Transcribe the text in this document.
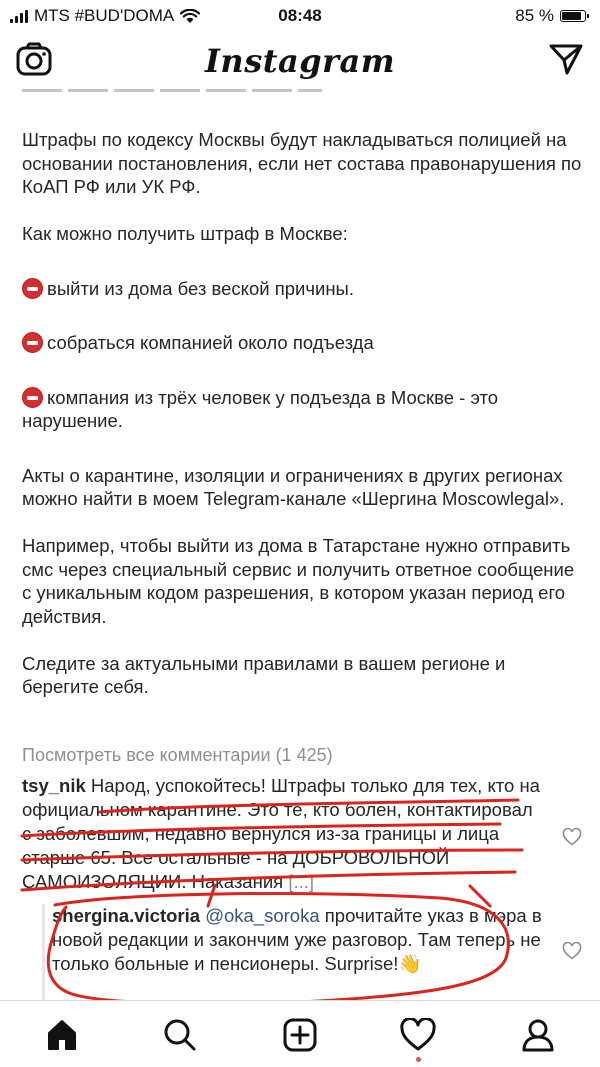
MTS #BUD'DOMA	08:48	85 %
Instagram

Штрафы по кодексу Москвы будут накладываться полицией на основании постановления, если нет состава правонарушения по КоАП РФ или УК РФ.

Как можно получить штраф в Москве:

выйти из дома без веской причины.

собраться компанией около подъезда

компания из трёх человек у подъезда в Москве - это нарушение.

Акты о карантине, изоляции и ограничениях в других регионах можно найти в моем Telegram-канале «Шергина Moscowlegal».

Например, чтобы выйти из дома в Татарстане нужно отправить смс через специальный сервис и получить ответное сообщение с уникальным кодом разрешения, в котором указан период его действия.

Следите за актуальными правилами в вашем регионе и берегите себя.

Посмотреть все комментарии (1 425)
tsy_nik Народ, успокойтесь! Штрафы только для тех, кто на официальном карантине. Это те, кто болен, контактировал с заболевшим, недавно вернулся из-за границы и лица старше 65. Все остальные - на ДОБРОВОЛЬНОЙ САМОИЗОЛЯЦИИ. Наказания [...]
shergina.victoria @oka_soroka прочитайте указ в мэра в новой редакции и закончим уже разговор. Там теперь не только больные и пенсионеры. Surprise!👋
